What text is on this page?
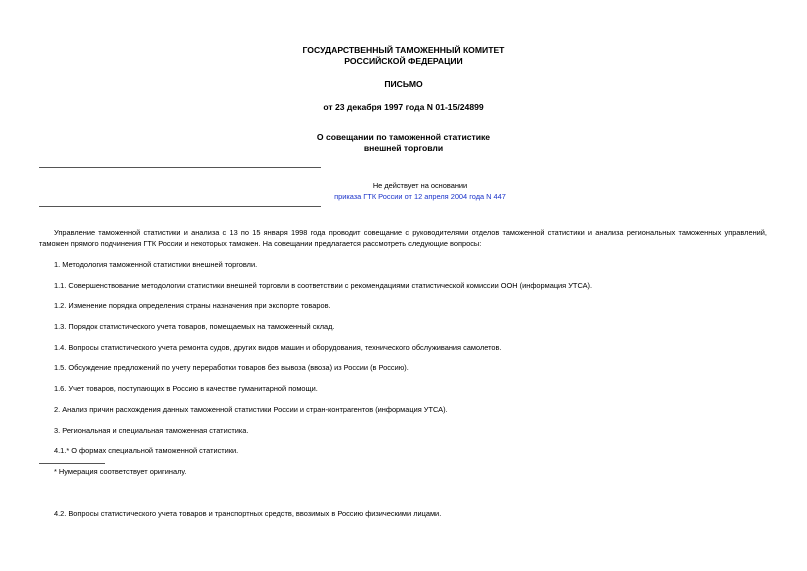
ГОСУДАРСТВЕННЫЙ ТАМОЖЕННЫЙ КОМИТЕТ
РОССИЙСКОЙ ФЕДЕРАЦИИ
ПИСЬМО
от 23 декабря 1997 года N 01-15/24899
О совещании по таможенной статистике
внешней торговли
Не действует на основании
приказа ГТК России от 12 апреля 2004 года N 447
Управление таможенной статистики и анализа с 13 по 15 января 1998 года проводит совещание с руководителями отделов таможенной статистики и анализа региональных таможенных управлений, таможен прямого подчинения ГТК России и некоторых таможен. На совещании предлагается рассмотреть следующие вопросы:
1. Методология таможенной статистики внешней торговли.
1.1. Совершенствование методологии статистики внешней торговли в соответствии с рекомендациями статистической комиссии ООН (информация УТСА).
1.2. Изменение порядка определения страны назначения при экспорте товаров.
1.3. Порядок статистического учета товаров, помещаемых на таможенный склад.
1.4. Вопросы статистического учета ремонта судов, других видов машин и оборудования, технического обслуживания самолетов.
1.5. Обсуждение предложений по учету переработки товаров без вывоза (ввоза) из России (в Россию).
1.6. Учет товаров, поступающих в Россию в качестве гуманитарной помощи.
2. Анализ причин расхождения данных таможенной статистики России и стран-контрагентов (информация УТСА).
3. Региональная и специальная таможенная статистика.
4.1.* О формах специальной таможенной статистики.
* Нумерация соответствует оригиналу.
4.2. Вопросы статистического учета товаров и транспортных средств, ввозимых в Россию физическими лицами.
